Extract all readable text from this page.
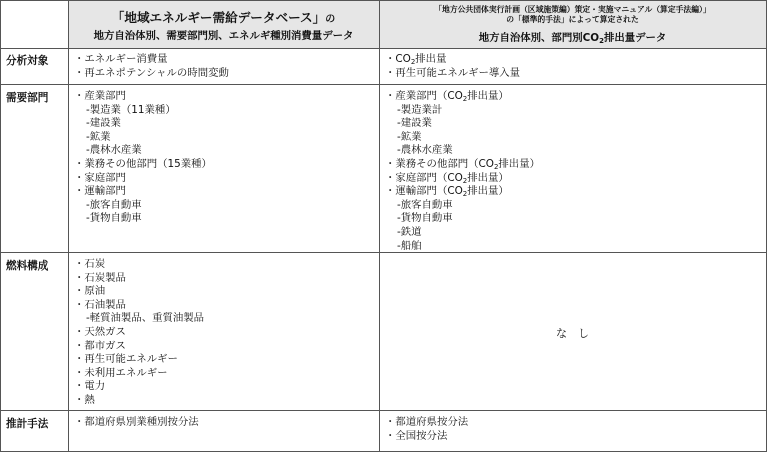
「地域エネルギー需給データベース」の
地方自治体別、需要部門別、エネルギ種別消費量データ
「地方公共団体実行計画（区域施策編）策定・実施マニュアル（算定手法編）」
の「標準的手法」によって算定された
地方自治体別、部門別$CO_2$排出量データ
分析対象
需要部門
燃料構成
推計手法
・エネルギー消費量
・再エネポテンシャルの時間変動
・$CO_2$排出量
・再生可能エネルギー導入量
・産業部門
-製造業（11業種）
-建設業
-鉱業
-農林水産業
・業務その他部門（15業種）
・家庭部門
・運輸部門
-旅客自動車
-貨物自動車
・産業部門（$CO_2$排出量）
-製造業計
-建設業
-鉱業
-農林水産業
・業務その他部門（$CO_2$排出量）
・家庭部門（$CO_2$排出量）
・運輸部門（$CO_2$排出量）
-旅客自動車
-貨物自動車
-鉄道
-船舶
・石炭
・石炭製品
・原油
・石油製品
-軽質油製品、重質油製品
・天然ガス
・都市ガス
・再生可能エネルギー
・未利用エネルギー
・電力
・熱
な　し
・都道府県別業種別按分法	・都道府県按分法
・全国按分法
